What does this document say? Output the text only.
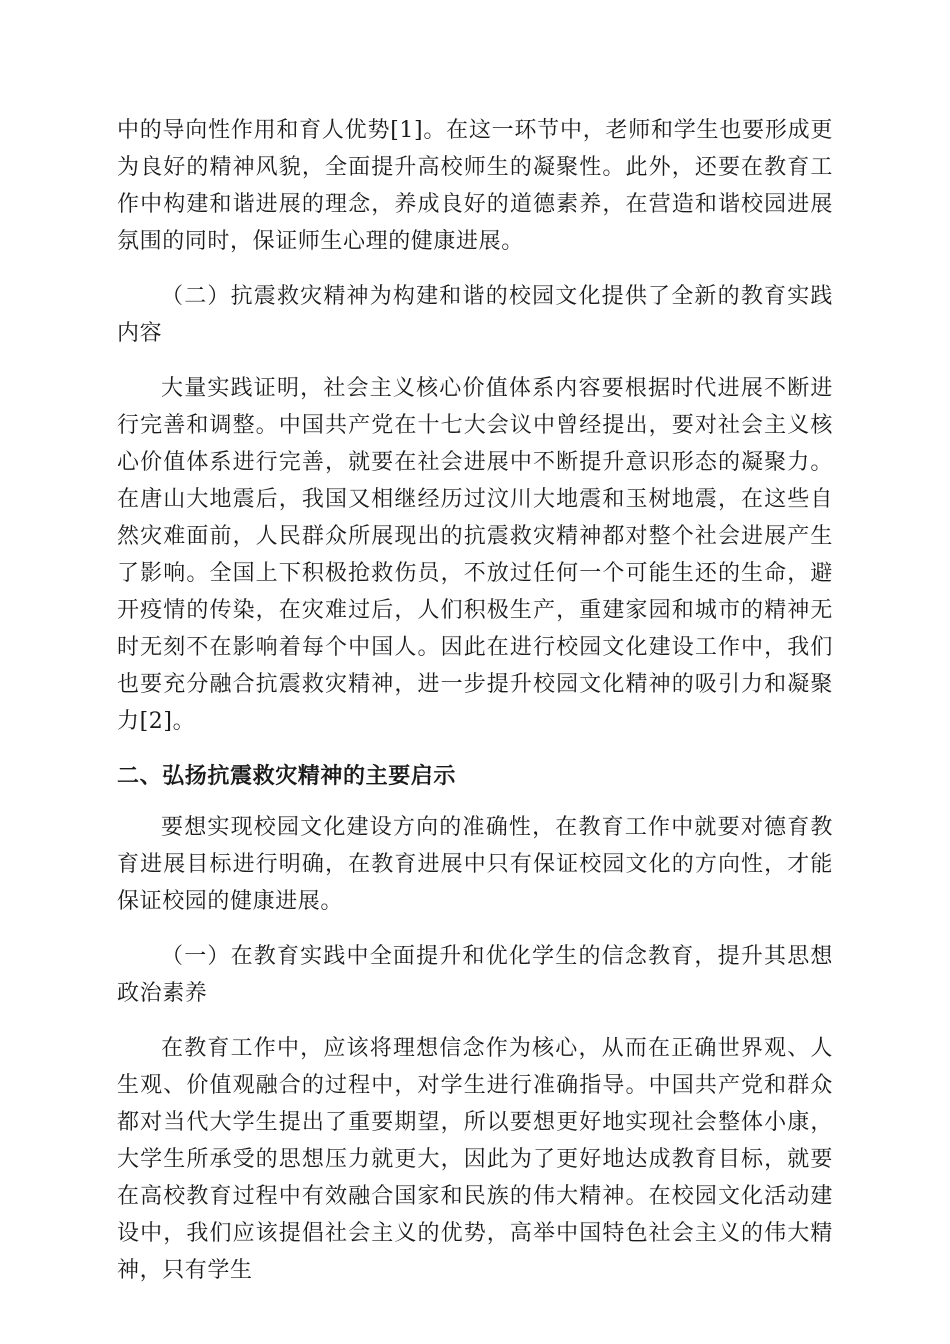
中的导向性作用和育人优势[1]。在这一环节中，老师和学生也要形成更为良好的精神风貌，全面提升高校师生的凝聚性。此外，还要在教育工作中构建和谐进展的理念，养成良好的道德素养，在营造和谐校园进展氛围的同时，保证师生心理的健康进展。

（二）抗震救灾精神为构建和谐的校园文化提供了全新的教育实践内容

大量实践证明，社会主义核心价值体系内容要根据时代进展不断进行完善和调整。中国共产党在十七大会议中曾经提出，要对社会主义核心价值体系进行完善，就要在社会进展中不断提升意识形态的凝聚力。在唐山大地震后，我国又相继经历过汶川大地震和玉树地震，在这些自然灾难面前，人民群众所展现出的抗震救灾精神都对整个社会进展产生了影响。全国上下积极抢救伤员，不放过任何一个可能生还的生命，避开疫情的传染，在灾难过后，人们积极生产，重建家园和城市的精神无时无刻不在影响着每个中国人。因此在进行校园文化建设工作中，我们也要充分融合抗震救灾精神，进一步提升校园文化精神的吸引力和凝聚力[2]。

二、弘扬抗震救灾精神的主要启示

要想实现校园文化建设方向的准确性，在教育工作中就要对德育教育进展目标进行明确，在教育进展中只有保证校园文化的方向性，才能保证校园的健康进展。

（一）在教育实践中全面提升和优化学生的信念教育，提升其思想政治素养

在教育工作中，应该将理想信念作为核心，从而在正确世界观、人生观、价值观融合的过程中，对学生进行准确指导。中国共产党和群众都对当代大学生提出了重要期望，所以要想更好地实现社会整体小康，大学生所承受的思想压力就更大，因此为了更好地达成教育目标，就要在高校教育过程中有效融合国家和民族的伟大精神。在校园文化活动建设中，我们应该提倡社会主义的优势，高举中国特色社会主义的伟大精神，只有学生
